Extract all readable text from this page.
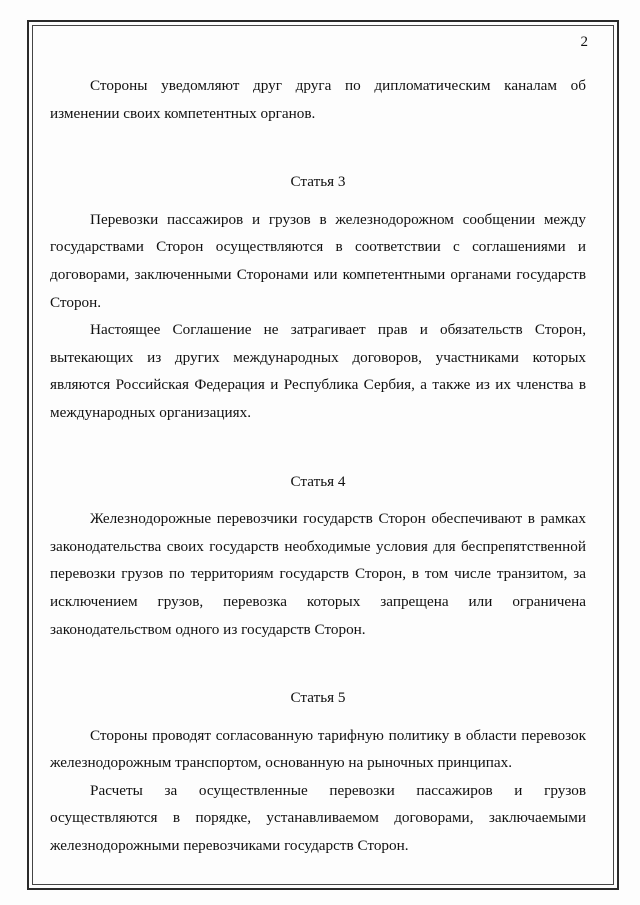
2

Стороны уведомляют друг друга по дипломатическим каналам об изменении своих компетентных органов.

Статья 3

Перевозки пассажиров и грузов в железнодорожном сообщении между государствами Сторон осуществляются в соответствии с соглашениями и договорами, заключенными Сторонами или компетентными органами государств Сторон.

Настоящее Соглашение не затрагивает прав и обязательств Сторон, вытекающих из других международных договоров, участниками которых являются Российская Федерация и Республика Сербия, а также из их членства в международных организациях.

Статья 4

Железнодорожные перевозчики государств Сторон обеспечивают в рамках законодательства своих государств необходимые условия для беспрепятственной перевозки грузов по территориям государств Сторон, в том числе транзитом, за исключением грузов, перевозка которых запрещена или ограничена законодательством одного из государств Сторон.

Статья 5

Стороны проводят согласованную тарифную политику в области перевозок железнодорожным транспортом, основанную на рыночных принципах.

Расчеты за осуществленные перевозки пассажиров и грузов осуществляются в порядке, устанавливаемом договорами, заключаемыми железнодорожными перевозчиками государств Сторон.
